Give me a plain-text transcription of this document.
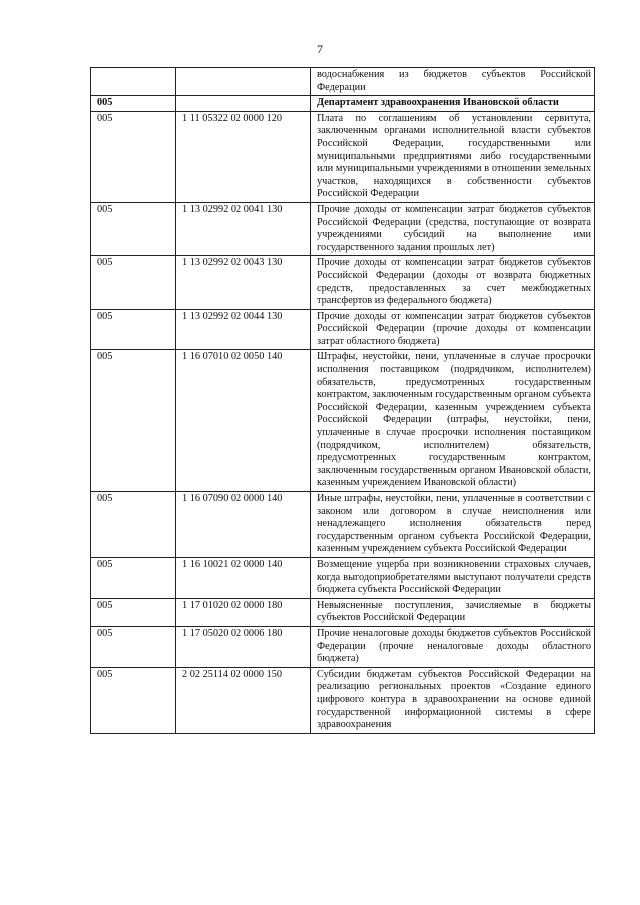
7
		водоснабжения из бюджетов субъектов Российской Федерации
005		Департамент здравоохранения Ивановской области
005	1 11 05322 02 0000 120	Плата по соглашениям об установлении сервитута, заключенным органами исполнительной власти субъектов Российской Федерации, государственными или муниципальными предприятиями либо государственными или муниципальными учреждениями в отношении земельных участков, находящихся в собственности субъектов Российской Федерации
005	1 13 02992 02 0041 130	Прочие доходы от компенсации затрат бюджетов субъектов Российской Федерации (средства, поступающие от возврата учреждениями субсидий на выполнение ими государственного задания прошлых лет)
005	1 13 02992 02 0043 130	Прочие доходы от компенсации затрат бюджетов субъектов Российской Федерации (доходы от возврата бюджетных средств, предоставленных за счет межбюджетных трансфертов из федерального бюджета)
005	1 13 02992 02 0044 130	Прочие доходы от компенсации затрат бюджетов субъектов Российской Федерации (прочие доходы от компенсации затрат областного бюджета)
005	1 16 07010 02 0050 140	Штрафы, неустойки, пени, уплаченные в случае просрочки исполнения поставщиком (подрядчиком, исполнителем) обязательств, предусмотренных государственным контрактом, заключенным государственным органом субъекта Российской Федерации, казенным учреждением субъекта Российской Федерации (штрафы, неустойки, пени, уплаченные в случае просрочки исполнения поставщиком (подрядчиком, исполнителем) обязательств, предусмотренных государственным контрактом, заключенным государственным органом Ивановской области, казенным учреждением Ивановской области)
005	1 16 07090 02 0000 140	Иные штрафы, неустойки, пени, уплаченные в соответствии с законом или договором в случае неисполнения или ненадлежащего исполнения обязательств перед государственным органом субъекта Российской Федерации, казенным учреждением субъекта Российской Федерации
005	1 16 10021 02 0000 140	Возмещение ущерба при возникновении страховых случаев, когда выгодоприобретателями выступают получатели средств бюджета субъекта Российской Федерации
005	1 17 01020 02 0000 180	Невыясненные поступления, зачисляемые в бюджеты субъектов Российской Федерации
005	1 17 05020 02 0006 180	Прочие неналоговые доходы бюджетов субъектов Российской Федерации (прочие неналоговые доходы областного бюджета)
005	2 02 25114 02 0000 150	Субсидии бюджетам субъектов Российской Федерации на реализацию региональных проектов «Создание единого цифрового контура в здравоохранении на основе единой государственной информационной системы в сфере здравоохранения
